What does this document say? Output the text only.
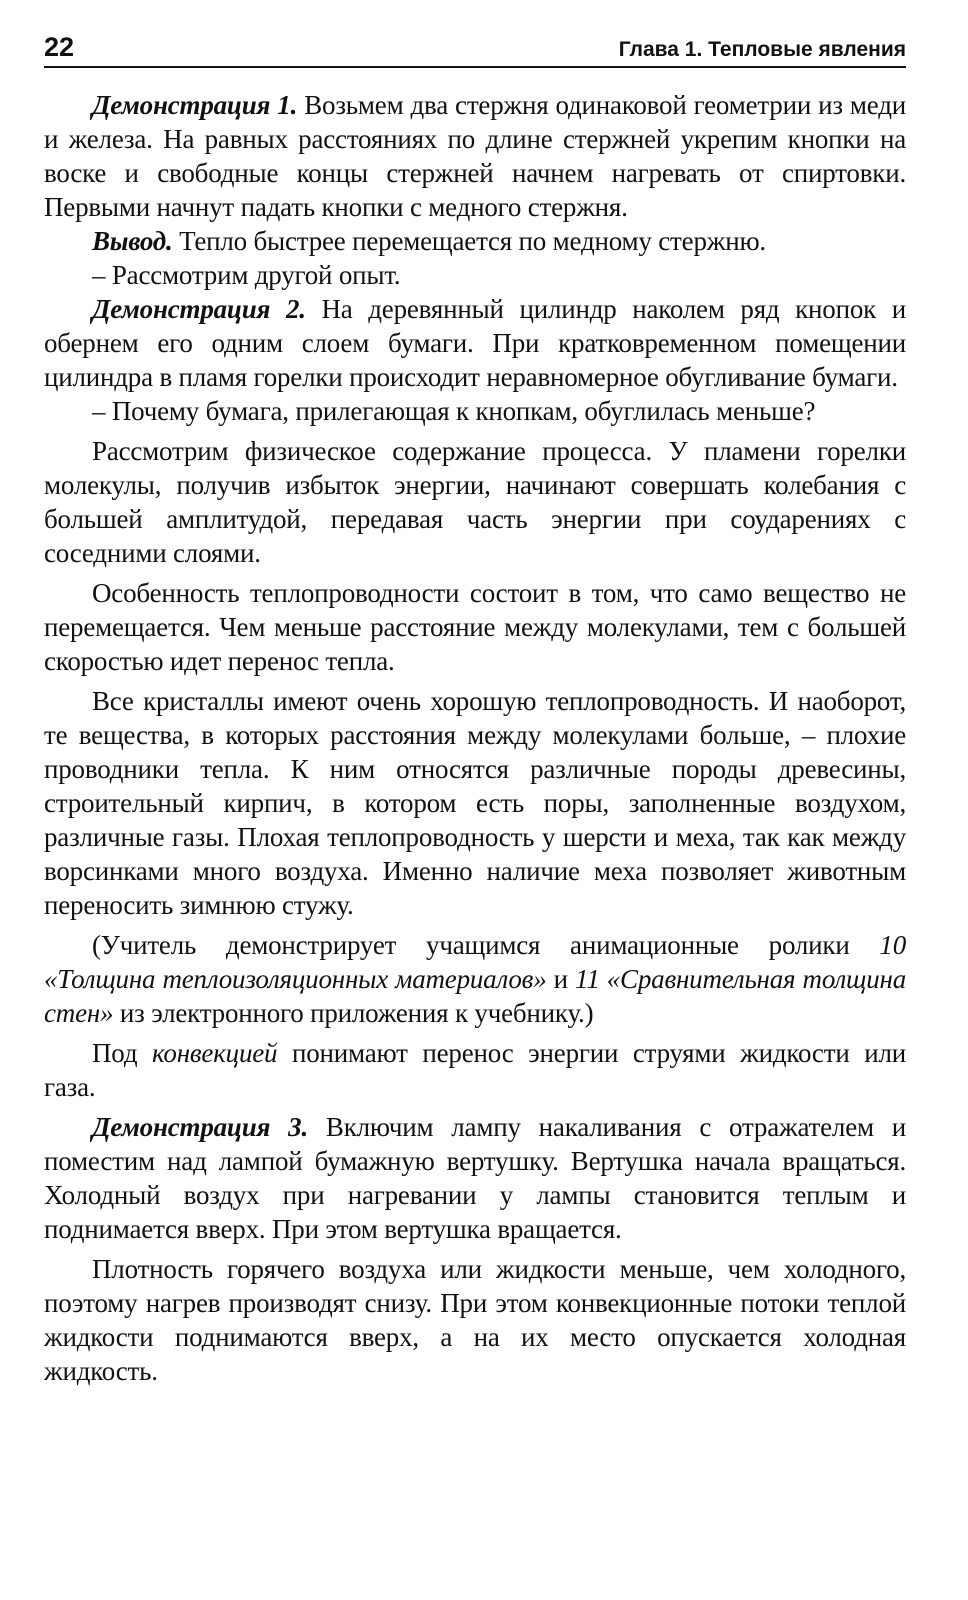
22	Глава 1. Тепловые явления

Демонстрация 1. Возьмем два стержня одинаковой геометрии из меди и железа. На равных расстояниях по длине стержней укрепим кнопки на воске и свободные концы стержней начнем нагревать от спиртовки. Первыми начнут падать кнопки с медного стержня.

Вывод. Тепло быстрее перемещается по медному стержню.

– Рассмотрим другой опыт.

Демонстрация 2. На деревянный цилиндр наколем ряд кнопок и обернем его одним слоем бумаги. При кратковременном помещении цилиндра в пламя горелки происходит неравномерное обугливание бумаги.

– Почему бумага, прилегающая к кнопкам, обуглилась меньше?

Рассмотрим физическое содержание процесса. У пламени горелки молекулы, получив избыток энергии, начинают совершать колебания с большей амплитудой, передавая часть энергии при соударениях с соседними слоями.

Особенность теплопроводности состоит в том, что само вещество не перемещается. Чем меньше расстояние между молекулами, тем с большей скоростью идет перенос тепла.

Все кристаллы имеют очень хорошую теплопроводность. И наоборот, те вещества, в которых расстояния между молекулами больше, – плохие проводники тепла. К ним относятся различные породы древесины, строительный кирпич, в котором есть поры, заполненные воздухом, различные газы. Плохая теплопроводность у шерсти и меха, так как между ворсинками много воздуха. Именно наличие меха позволяет животным переносить зимнюю стужу.

(Учитель демонстрирует учащимся анимационные ролики 10 «Толщина теплоизоляционных материалов» и 11 «Сравнительная толщина стен» из электронного приложения к учебнику.)

Под конвекцией понимают перенос энергии струями жидкости или газа.

Демонстрация 3. Включим лампу накаливания с отражателем и поместим над лампой бумажную вертушку. Вертушка начала вращаться. Холодный воздух при нагревании у лампы становится теплым и поднимается вверх. При этом вертушка вращается.

Плотность горячего воздуха или жидкости меньше, чем холодного, поэтому нагрев производят снизу. При этом конвекционные потоки теплой жидкости поднимаются вверх, а на их место опускается холодная жидкость.
